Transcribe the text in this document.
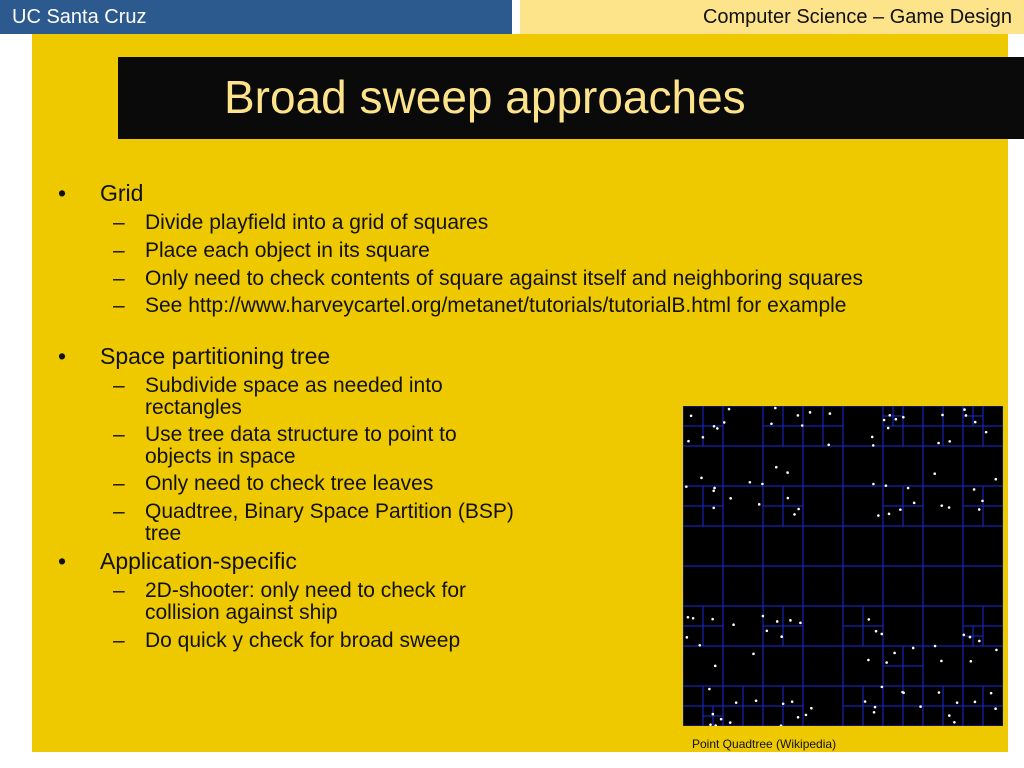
UC Santa Cruz	Computer Science – Game Design
Broad sweep approaches
• Grid
– Divide playfield into a grid of squares
– Place each object in its square
– Only need to check contents of square against itself and neighboring squares
– See http://www.harveycartel.org/metanet/tutorials/tutorialB.html for example
• Space partitioning tree
– Subdivide space as needed into rectangles
– Use tree data structure to point to objects in space
– Only need to check tree leaves
– Quadtree, Binary Space Partition (BSP) tree
• Application-specific
– 2D-shooter: only need to check for collision against ship
– Do quick y check for broad sweep
Point Quadtree (Wikipedia)
